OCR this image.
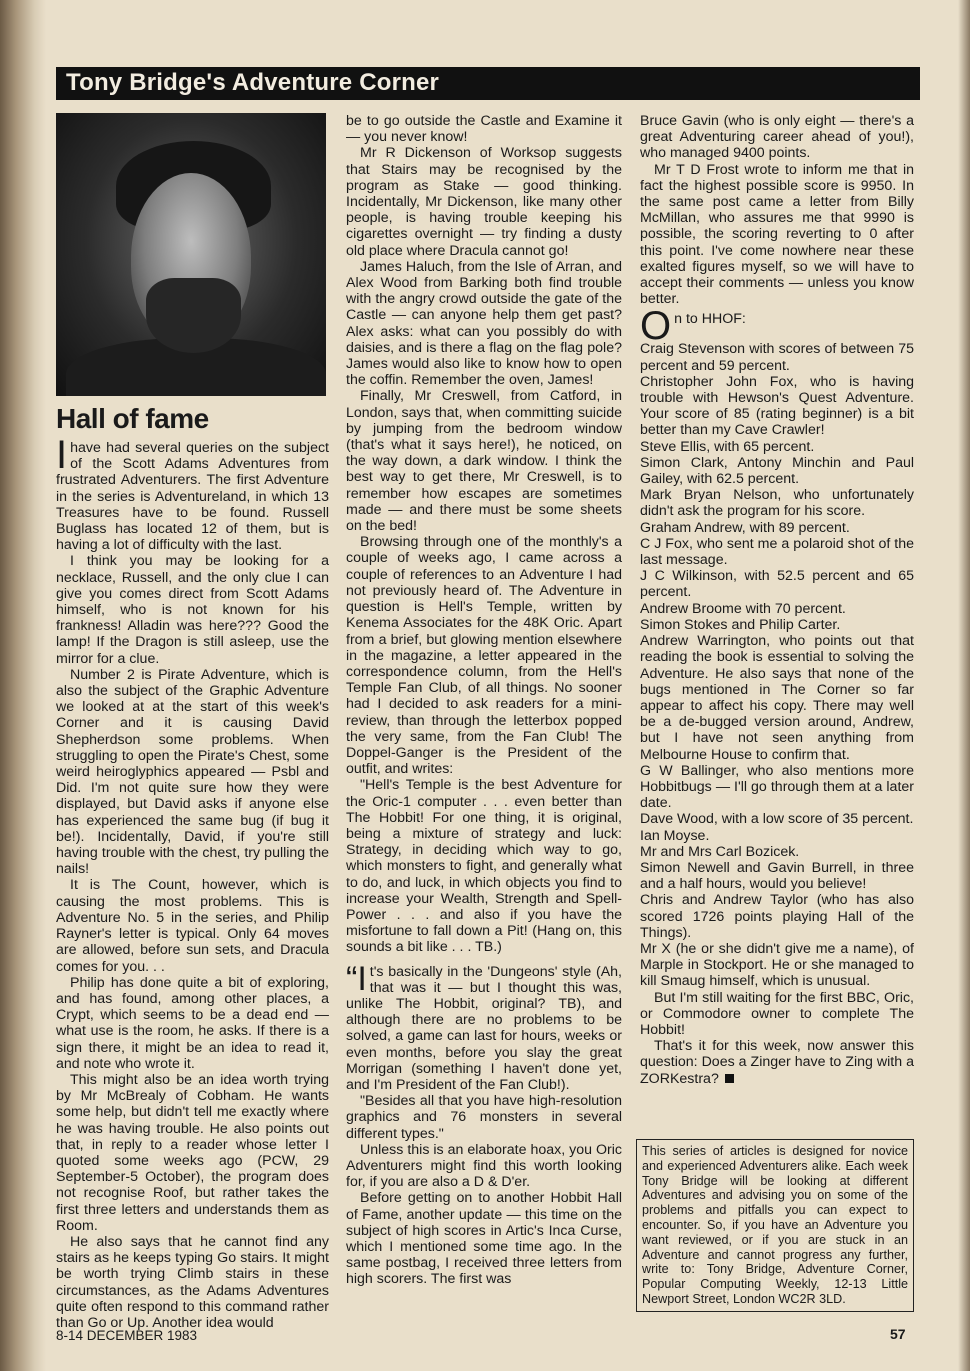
Tony Bridge's Adventure Corner
Hall of fame

Ihave had several queries on the subject of the Scott Adams Adventures from frustrated Adventurers. The first Adventure in the series is Adventureland, in which 13 Treasures have to be found. Russell Buglass has located 12 of them, but is having a lot of difficulty with the last.

I think you may be looking for a necklace, Russell, and the only clue I can give you comes direct from Scott Adams himself, who is not known for his frankness! Alladin was here??? Good the lamp! If the Dragon is still asleep, use the mirror for a clue.

Number 2 is Pirate Adventure, which is also the subject of the Graphic Adventure we looked at at the start of this week's Corner and it is causing David Shepherdson some problems. When struggling to open the Pirate's Chest, some weird heiroglyphics appeared — Psbl and Did. I'm not quite sure how they were displayed, but David asks if anyone else has experienced the same bug (if bug it be!). Incidentally, David, if you're still having trouble with the chest, try pulling the nails!

It is The Count, however, which is causing the most problems. This is Adventure No. 5 in the series, and Philip Rayner's letter is typical. Only 64 moves are allowed, before sun sets, and Dracula comes for you. . .

Philip has done quite a bit of exploring, and has found, among other places, a Crypt, which seems to be a dead end — what use is the room, he asks. If there is a sign there, it might be an idea to read it, and note who wrote it.

This might also be an idea worth trying by Mr McBrealy of Cobham. He wants some help, but didn't tell me exactly where he was having trouble. He also points out that, in reply to a reader whose letter I quoted some weeks ago (PCW, 29 September-5 October), the program does not recognise Roof, but rather takes the first three letters and understands them as Room.

He also says that he cannot find any stairs as he keeps typing Go stairs. It might be worth trying Climb stairs in these circumstances, as the Adams Adventures quite often respond to this command rather than Go or Up. Another idea would

be to go outside the Castle and Examine it — you never know!

Mr R Dickenson of Worksop suggests that Stairs may be recognised by the program as Stake — good thinking. Incidentally, Mr Dickenson, like many other people, is having trouble keeping his cigarettes overnight — try finding a dusty old place where Dracula cannot go!

James Haluch, from the Isle of Arran, and Alex Wood from Barking both find trouble with the angry crowd outside the gate of the Castle — can anyone help them get past? Alex asks: what can you possibly do with daisies, and is there a flag on the flag pole? James would also like to know how to open the coffin. Remember the oven, James!

Finally, Mr Creswell, from Catford, in London, says that, when committing suicide by jumping from the bedroom window (that's what it says here!), he noticed, on the way down, a dark window. I think the best way to get there, Mr Creswell, is to remember how escapes are sometimes made — and there must be some sheets on the bed!

Browsing through one of the monthly's a couple of weeks ago, I came across a couple of references to an Adventure I had not previously heard of. The Adventure in question is Hell's Temple, written by Kenema Associates for the 48K Oric. Apart from a brief, but glowing mention elsewhere in the magazine, a letter appeared in the correspondence column, from the Hell's Temple Fan Club, of all things. No sooner had I decided to ask readers for a mini-review, than through the letterbox popped the very same, from the Fan Club! The Doppel-Ganger is the President of the outfit, and writes:

"Hell's Temple is the best Adventure for the Oric-1 computer . . . even better than The Hobbit! For one thing, it is original, being a mixture of strategy and luck: Strategy, in deciding which way to go, which monsters to fight, and generally what to do, and luck, in which objects you find to increase your Wealth, Strength and Spell-Power . . . and also if you have the misfortune to fall down a Pit! (Hang on, this sounds a bit like . . . TB.)

“It's basically in the 'Dungeons' style (Ah, that was it — but I thought this was, unlike The Hobbit, original? TB), and although there are no problems to be solved, a game can last for hours, weeks or even months, before you slay the great Morrigan (something I haven't done yet, and I'm President of the Fan Club!).

"Besides all that you have high-resolution graphics and 76 monsters in several different types."

Unless this is an elaborate hoax, you Oric Adventurers might find this worth looking for, if you are also a D & D'er.

Before getting on to another Hobbit Hall of Fame, another update — this time on the subject of high scores in Artic's Inca Curse, which I mentioned some time ago. In the same postbag, I received three letters from high scorers. The first was

Bruce Gavin (who is only eight — there's a great Adventuring career ahead of you!), who managed 9400 points.

Mr T D Frost wrote to inform me that in fact the highest possible score is 9950. In the same post came a letter from Billy McMillan, who assures me that 9990 is possible, the scoring reverting to 0 after this point. I've come nowhere near these exalted figures myself, so we will have to accept their comments — unless you know better.

On to HHOF:

Craig Stevenson with scores of between 75 percent and 59 percent.

Christopher John Fox, who is having trouble with Hewson's Quest Adventure. Your score of 85 (rating beginner) is a bit better than my Cave Crawler!

Steve Ellis, with 65 percent.

Simon Clark, Antony Minchin and Paul Gailey, with 62.5 percent.

Mark Bryan Nelson, who unfortunately didn't ask the program for his score.

Graham Andrew, with 89 percent.

C J Fox, who sent me a polaroid shot of the last message.

J C Wilkinson, with 52.5 percent and 65 percent.

Andrew Broome with 70 percent.

Simon Stokes and Philip Carter.

Andrew Warrington, who points out that reading the book is essential to solving the Adventure. He also says that none of the bugs mentioned in The Corner so far appear to affect his copy. There may well be a de-bugged version around, Andrew, but I have not seen anything from Melbourne House to confirm that.

G W Ballinger, who also mentions more Hobbitbugs — I'll go through them at a later date.

Dave Wood, with a low score of 35 percent.

Ian Moyse.

Mr and Mrs Carl Bozicek.

Simon Newell and Gavin Burrell, in three and a half hours, would you believe!

Chris and Andrew Taylor (who has also scored 1726 points playing Hall of the Things).

Mr X (he or she didn't give me a name), of Marple in Stockport. He or she managed to kill Smaug himself, which is unusual.

But I'm still waiting for the first BBC, Oric, or Commodore owner to complete The Hobbit!

That's it for this week, now answer this question: Does a Zinger have to Zing with a ZORKestra?

This series of articles is designed for novice and experienced Adventurers alike. Each week Tony Bridge will be looking at different Adventures and advising you on some of the problems and pitfalls you can expect to encounter. So, if you have an Adventure you want reviewed, or if you are stuck in an Adventure and cannot progress any further, write to: Tony Bridge, Adventure Corner, Popular Computing Weekly, 12-13 Little Newport Street, London WC2R 3LD.
8-14 DECEMBER 1983	57
